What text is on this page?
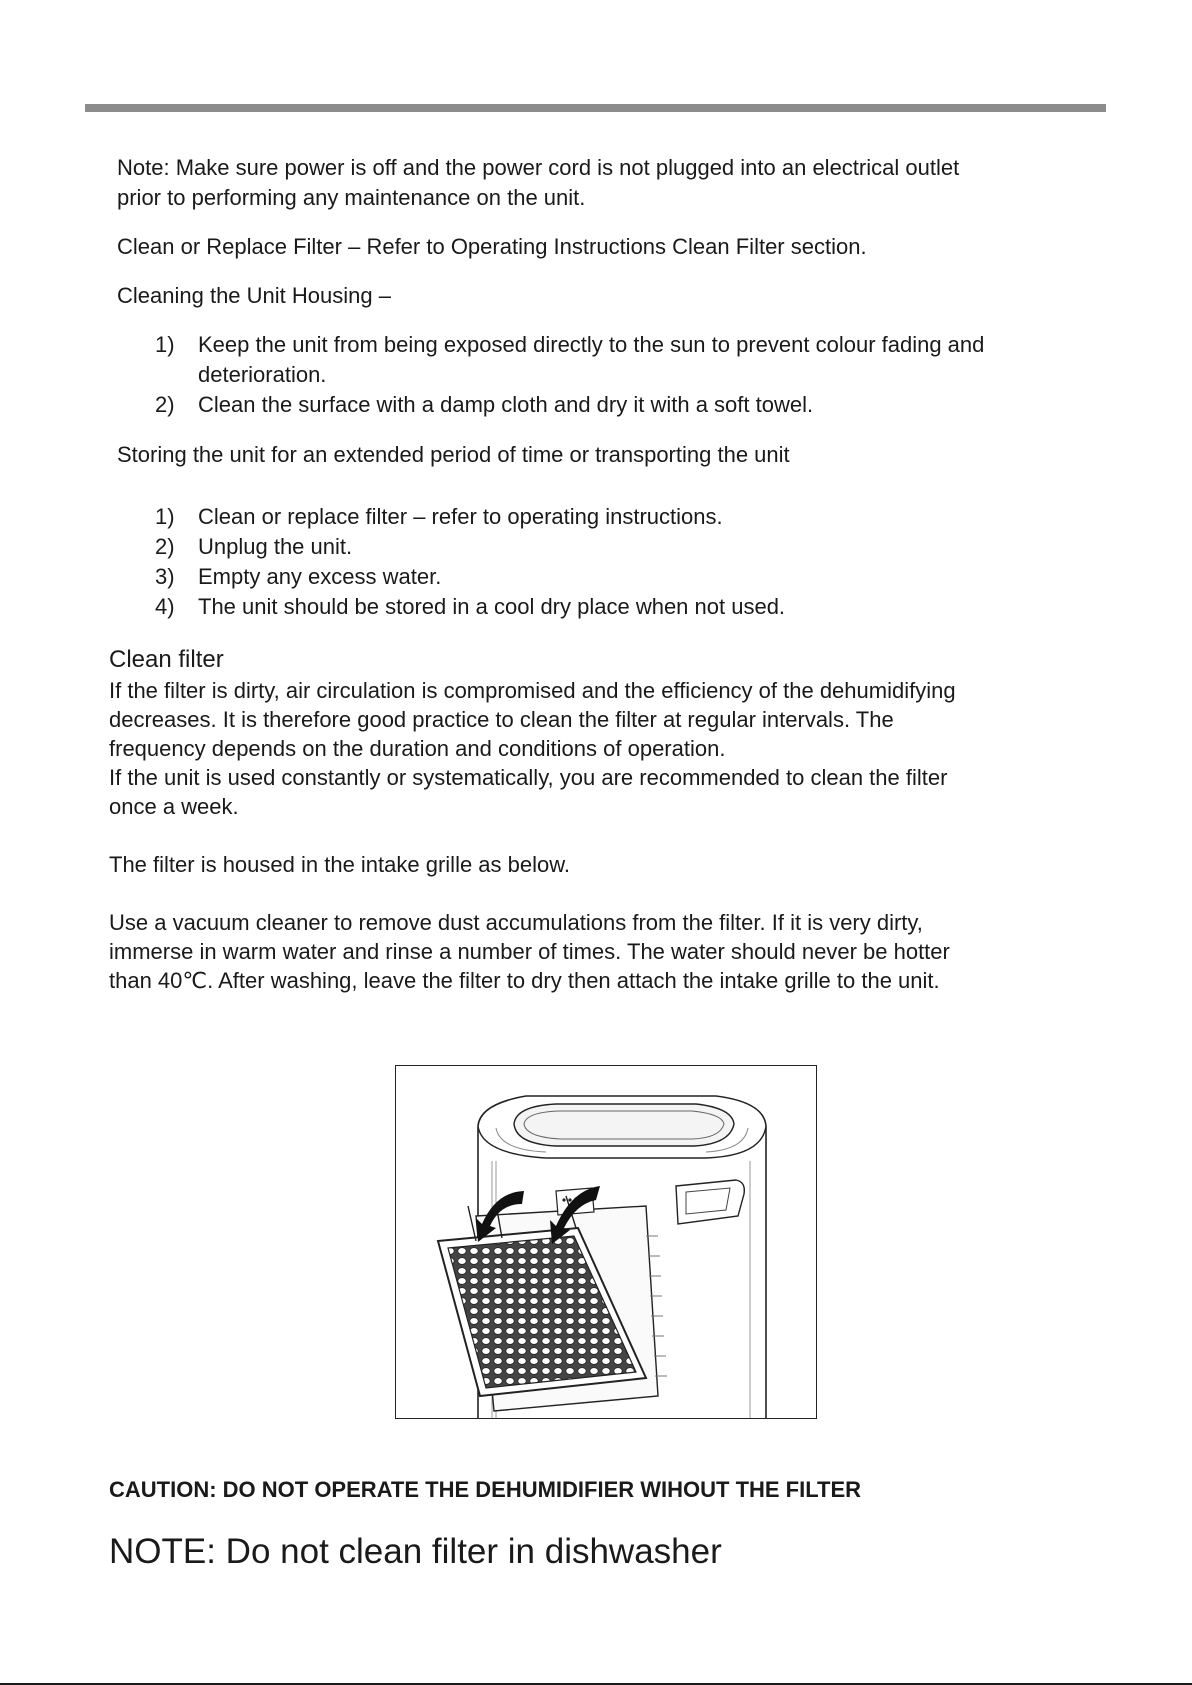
Note: Make sure power is off and the power cord is not plugged into an electrical outlet
prior to performing any maintenance on the unit.
Clean or Replace Filter – Refer to Operating Instructions Clean Filter section.
Cleaning the Unit Housing –
1)	Keep the unit from being exposed directly to the sun to prevent colour fading and
deterioration.
2)	Clean the surface with a damp cloth and dry it with a soft towel.
Storing the unit for an extended period of time or transporting the unit
1)	Clean or replace filter – refer to operating instructions.
2)	Unplug the unit.
3)	Empty any excess water.
4)	The unit should be stored in a cool dry place when not used.
Clean filter
If the filter is dirty, air circulation is compromised and the efficiency of the dehumidifying
decreases. It is therefore good practice to clean the filter at regular intervals. The
frequency depends on the duration and conditions of operation.
If the unit is used constantly or systematically, you are recommended to clean the filter
once a week.
The filter is housed in the intake grille as below.
Use a vacuum cleaner to remove dust accumulations from the filter. If it is very dirty,
immerse in warm water and rinse a number of times. The water should never be hotter
than 40℃. After washing, leave the filter to dry then attach the intake grille to the unit.
CAUTION: DO NOT OPERATE THE DEHUMIDIFIER WIHOUT THE FILTER
NOTE: Do not clean filter in dishwasher
